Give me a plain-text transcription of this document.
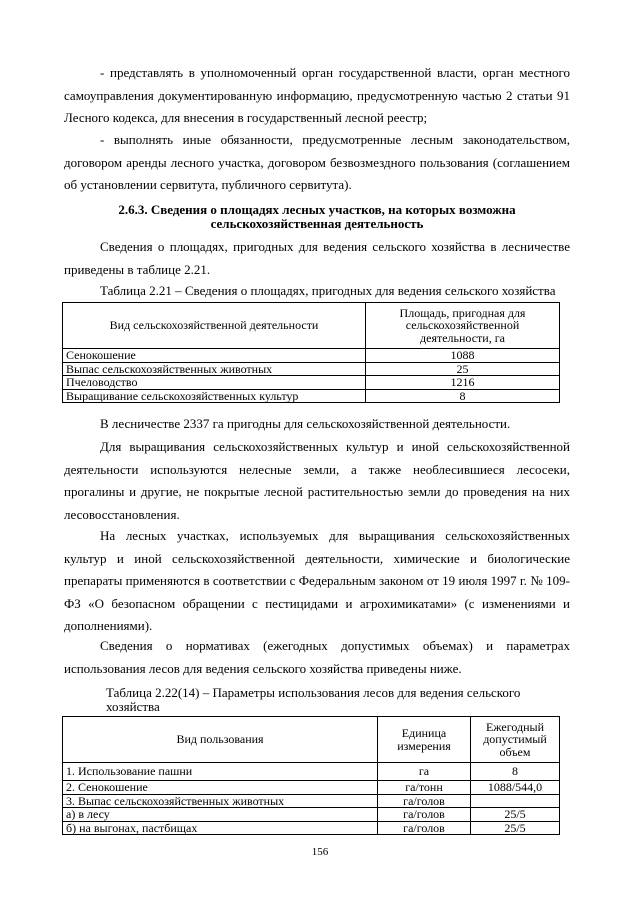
- представлять в уполномоченный орган государственной власти, орган местного самоуправления документированную информацию, предусмотренную частью 2 статьи 91 Лесного кодекса, для внесения в государственный лесной реестр;

- выполнять иные обязанности, предусмотренные лесным законодательством, договором аренды лесного участка, договором безвозмездного пользования (соглашением об установлении сервитута, публичного сервитута).

2.6.3. Сведения о площадях лесных участков, на которых возможна сельскохозяйственная деятельность

Сведения о площадях, пригодных для ведения сельского хозяйства в лесничестве приведены в таблице 2.21.

Таблица 2.21 – Сведения о площадях, пригодных для ведения сельского хозяйства

Вид сельскохозяйственной деятельности	Площадь, пригодная для сельскохозяйственной деятельности, га
Сенокошение	1088
Выпас сельскохозяйственных животных	25
Пчеловодство	1216
Выращивание сельскохозяйственных культур	8

В лесничестве 2337 га пригодны для сельскохозяйственной деятельности.

Для выращивания сельскохозяйственных культур и иной сельскохозяйственной деятельности используются нелесные земли, а также необлесившиеся лесосеки, прогалины и другие, не покрытые лесной растительностью земли до проведения на них лесовосстановления.

На лесных участках, используемых для выращивания сельскохозяйственных культур и иной сельскохозяйственной деятельности, химические и биологические препараты применяются в соответствии с Федеральным законом от 19 июля 1997 г. № 109-ФЗ «О безопасном обращении с пестицидами и агрохимикатами» (с изменениями и дополнениями).

Сведения о нормативах (ежегодных допустимых объемах) и параметрах использования лесов для ведения сельского хозяйства приведены ниже.

Таблица 2.22(14) – Параметры использования лесов для ведения сельского хозяйства

Вид пользования	Единица измерения	Ежегодный допустимый объем
1. Использование пашни	га	8
2. Сенокошение	га/тонн	1088/544,0
3. Выпас сельскохозяйственных животных	га/голов	
а) в лесу	га/голов	25/5
б) на выгонах, пастбищах	га/голов	25/5
156
